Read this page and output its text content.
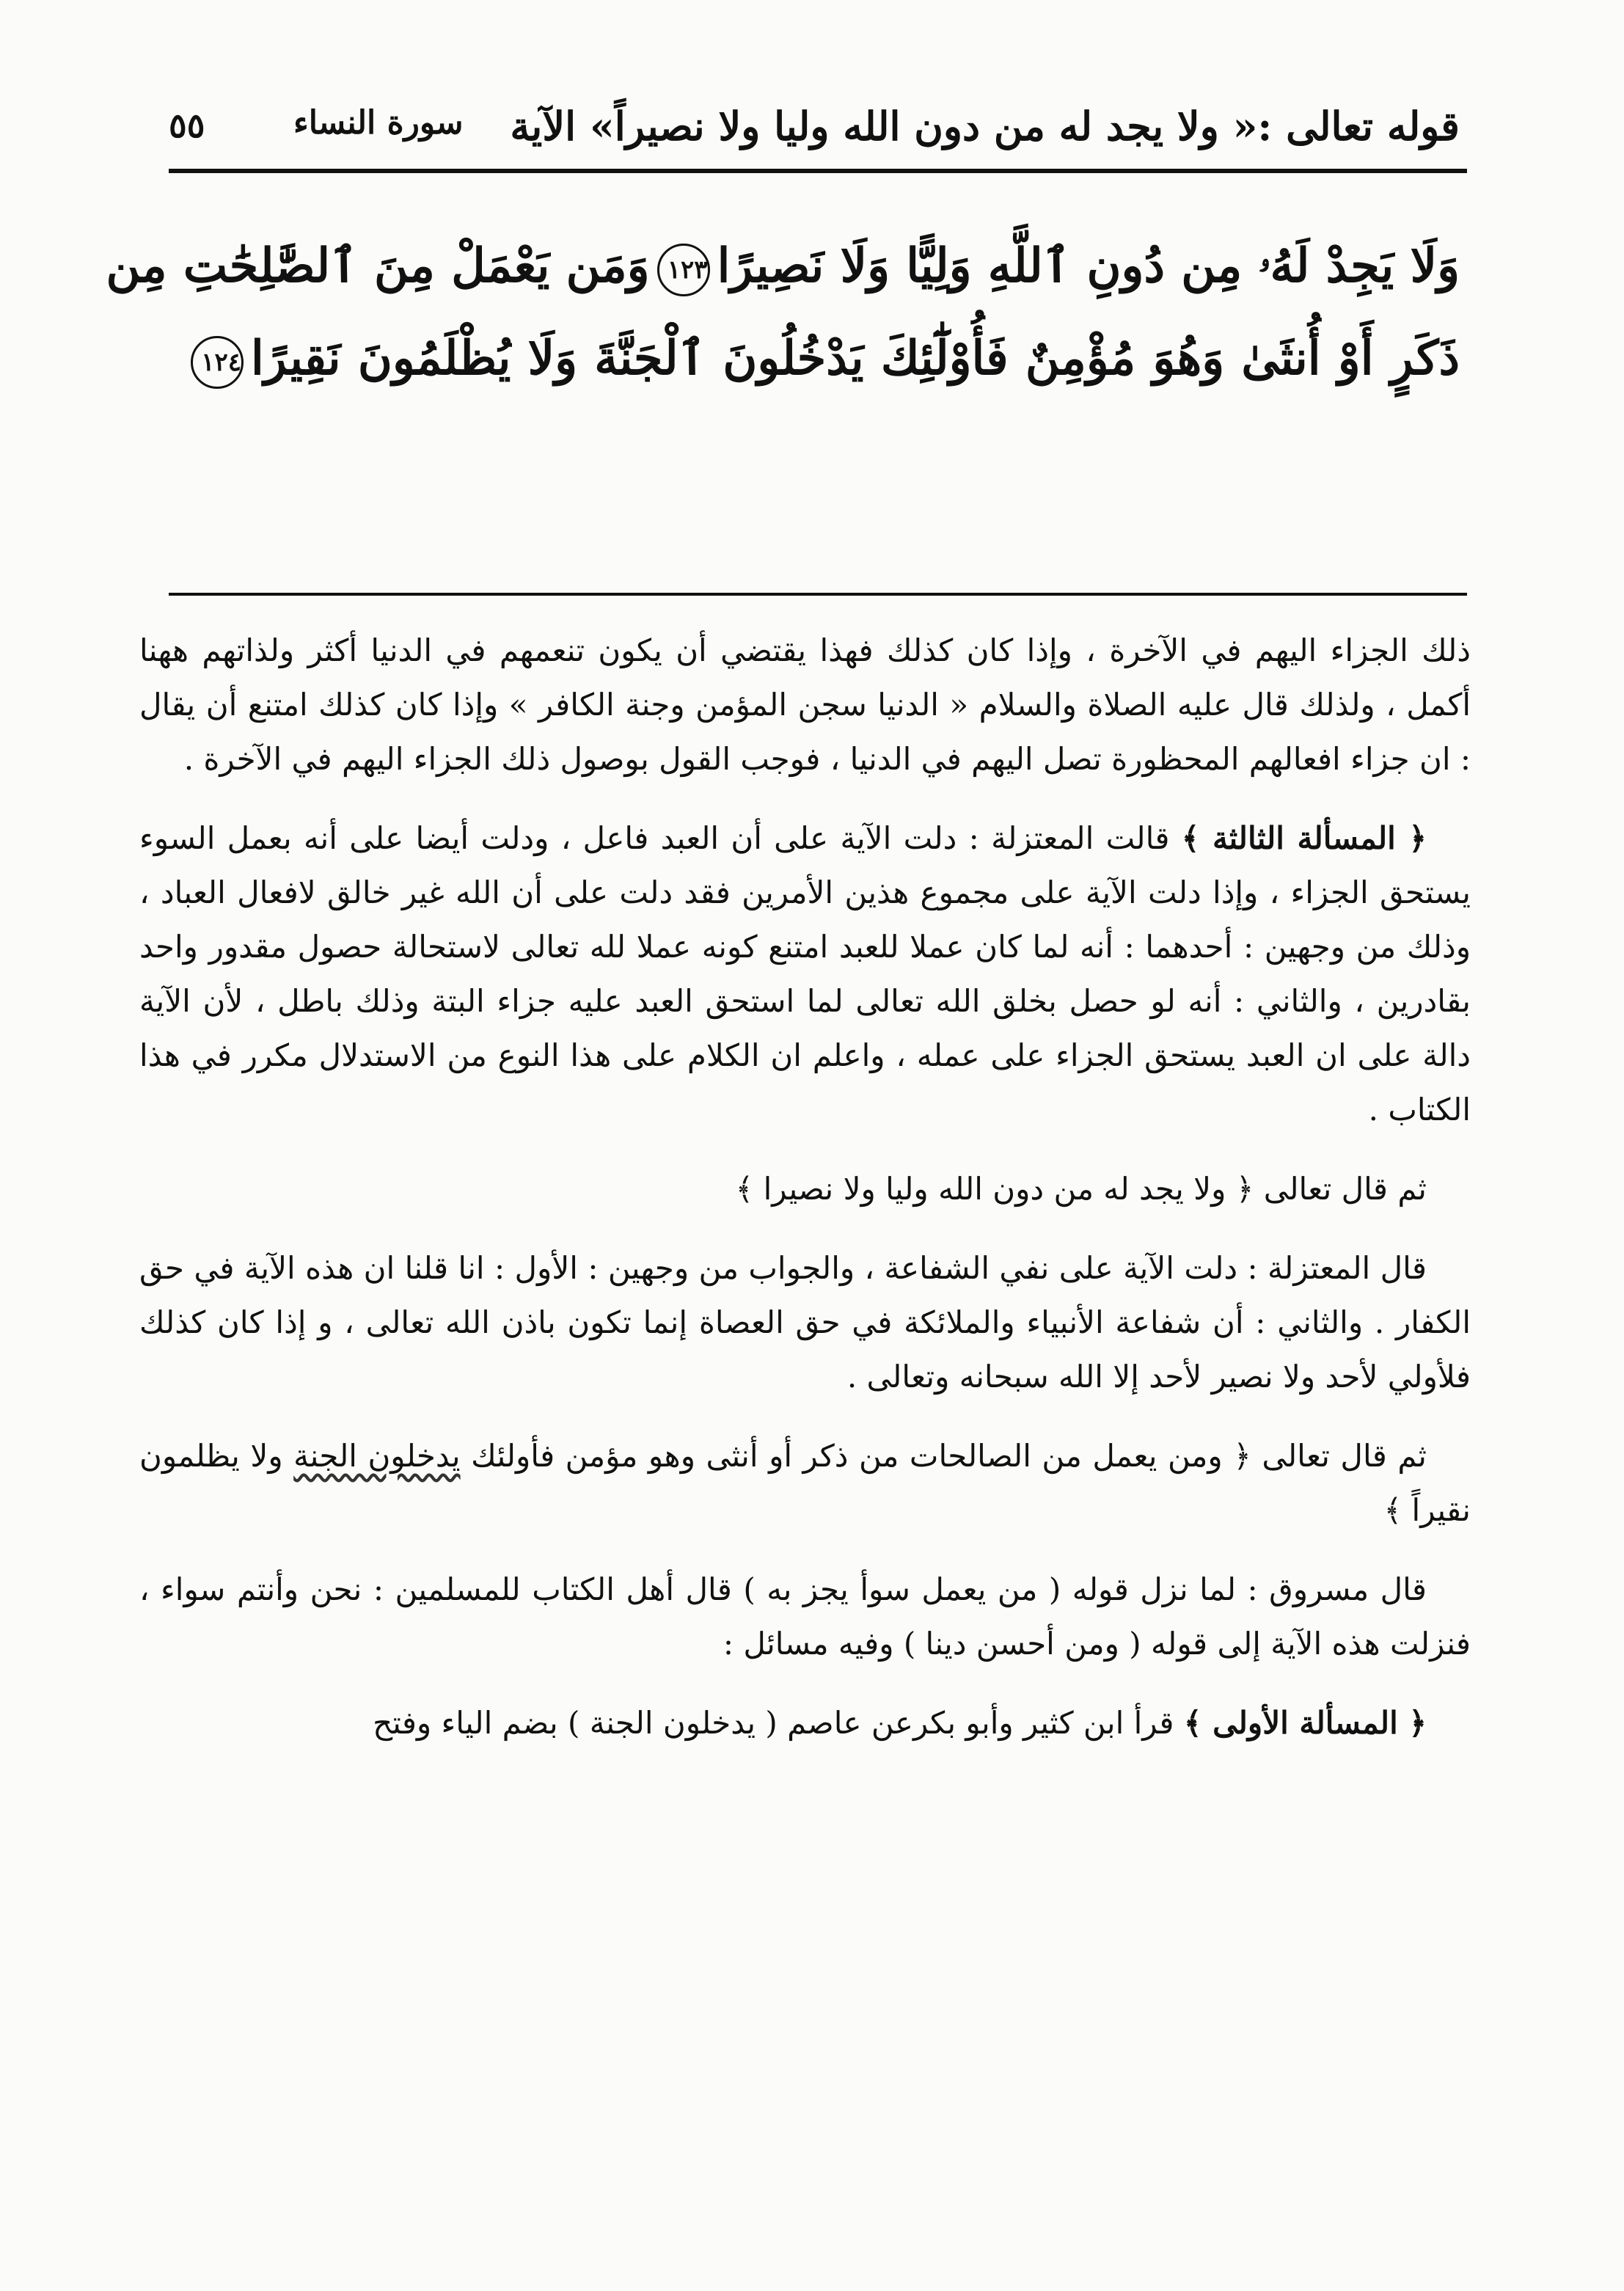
قوله تعالى :« ولا يجد له من دون الله وليا ولا نصيراً» الآية
سورة النساء
٥٥
وَلَا يَجِدْ لَهُۥ مِن دُونِ ٱللَّهِ وَلِيًّا وَلَا نَصِيرًا١٢٣وَمَن يَعْمَلْ مِنَ ٱلصَّٰلِحَٰتِ مِن
ذَكَرٍ أَوْ أُنثَىٰ وَهُوَ مُؤْمِنٌ فَأُوْلَٰٓئِكَ يَدْخُلُونَ ٱلْجَنَّةَ وَلَا يُظْلَمُونَ نَقِيرًا١٢٤

ذلك الجزاء اليهم في الآخرة ، وإذا كان كذلك فهذا يقتضي أن يكون تنعمهم في الدنيا أكثر ولذاتهم ههنا أكمل ، ولذلك قال عليه الصلاة والسلام « الدنيا سجن المؤمن وجنة الكافر » وإذا كان كذلك امتنع أن يقال : ان جزاء افعالهم المحظورة تصل اليهم في الدنيا ، فوجب القول بوصول ذلك الجزاء اليهم في الآخرة .

﴿ المسألة الثالثة ﴾ قالت المعتزلة : دلت الآية على أن العبد فاعل ، ودلت أيضا على أنه بعمل السوء يستحق الجزاء ، وإذا دلت الآية على مجموع هذين الأمرين فقد دلت على أن الله غير خالق لافعال العباد ، وذلك من وجهين : أحدهما : أنه لما كان عملا للعبد امتنع كونه عملا لله تعالى لاستحالة حصول مقدور واحد بقادرين ، والثاني : أنه لو حصل بخلق الله تعالى لما استحق العبد عليه جزاء البتة وذلك باطل ، لأن الآية دالة على ان العبد يستحق الجزاء على عمله ، واعلم ان الكلام على هذا النوع من الاستدلال مكرر في هذا الكتاب .

ثم قال تعالى ﴿ ولا يجد له من دون الله وليا ولا نصيرا ﴾

قال المعتزلة : دلت الآية على نفي الشفاعة ، والجواب من وجهين : الأول : انا قلنا ان هذه الآية في حق الكفار . والثاني : أن شفاعة الأنبياء والملائكة في حق العصاة إنما تكون باذن الله تعالى ، و إذا كان كذلك فلأولي لأحد ولا نصير لأحد إلا الله سبحانه وتعالى .

ثم قال تعالى ﴿ ومن يعمل من الصالحات من ذكر أو أنثى وهو مؤمن فأولئك يدخلون الجنة ولا يظلمون نقيراً ﴾

قال مسروق : لما نزل قوله ( من يعمل سوأ يجز به ) قال أهل الكتاب للمسلمين : نحن وأنتم سواء ، فنزلت هذه الآية إلى قوله ( ومن أحسن دينا ) وفيه مسائل :

﴿ المسألة الأولى ﴾ قرأ ابن كثير وأبو بكرعن عاصم ( يدخلون الجنة ) بضم الياء وفتح
